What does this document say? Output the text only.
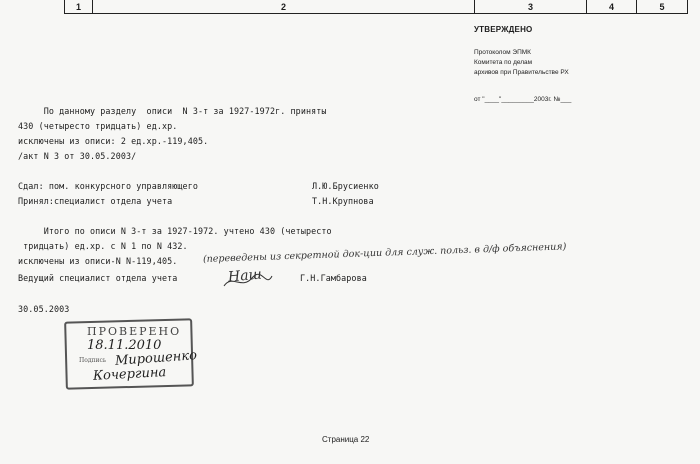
1	2	3	4	5
УТВЕРЖДЕНО
Протоколом ЭПМК
Комитета по делам
архивов при Правительстве РХ
от "____"_________2003г. №___
По данному разделу  описи  N 3-т за 1927-1972г. приняты
430 (четыресто тридцать) ед.хр.
исключены из описи: 2 ед.хр.-119,405.
/акт N 3 от 30.05.2003/
Сдал: пом. конкурсного управляющего	Л.Ю.Брусиенко
Принял:специалист отдела учета	Т.Н.Крупнова
Итого по описи N 3-т за 1927-1972. учтено 430 (четыресто
тридцать) ед.хр. с N 1 по N 432.
исключены из описи-N N-119,405.	(переведены из секретной док-ции для служ. польз. в д/ф объяснения)
Ведущий специалист отдела учета	Наш	Г.Н.Гамбарова
30.05.2003
ПРОВЕРЕНО
18.11.2010
Подпись Мирошенко
Кочергина
Страница 22
